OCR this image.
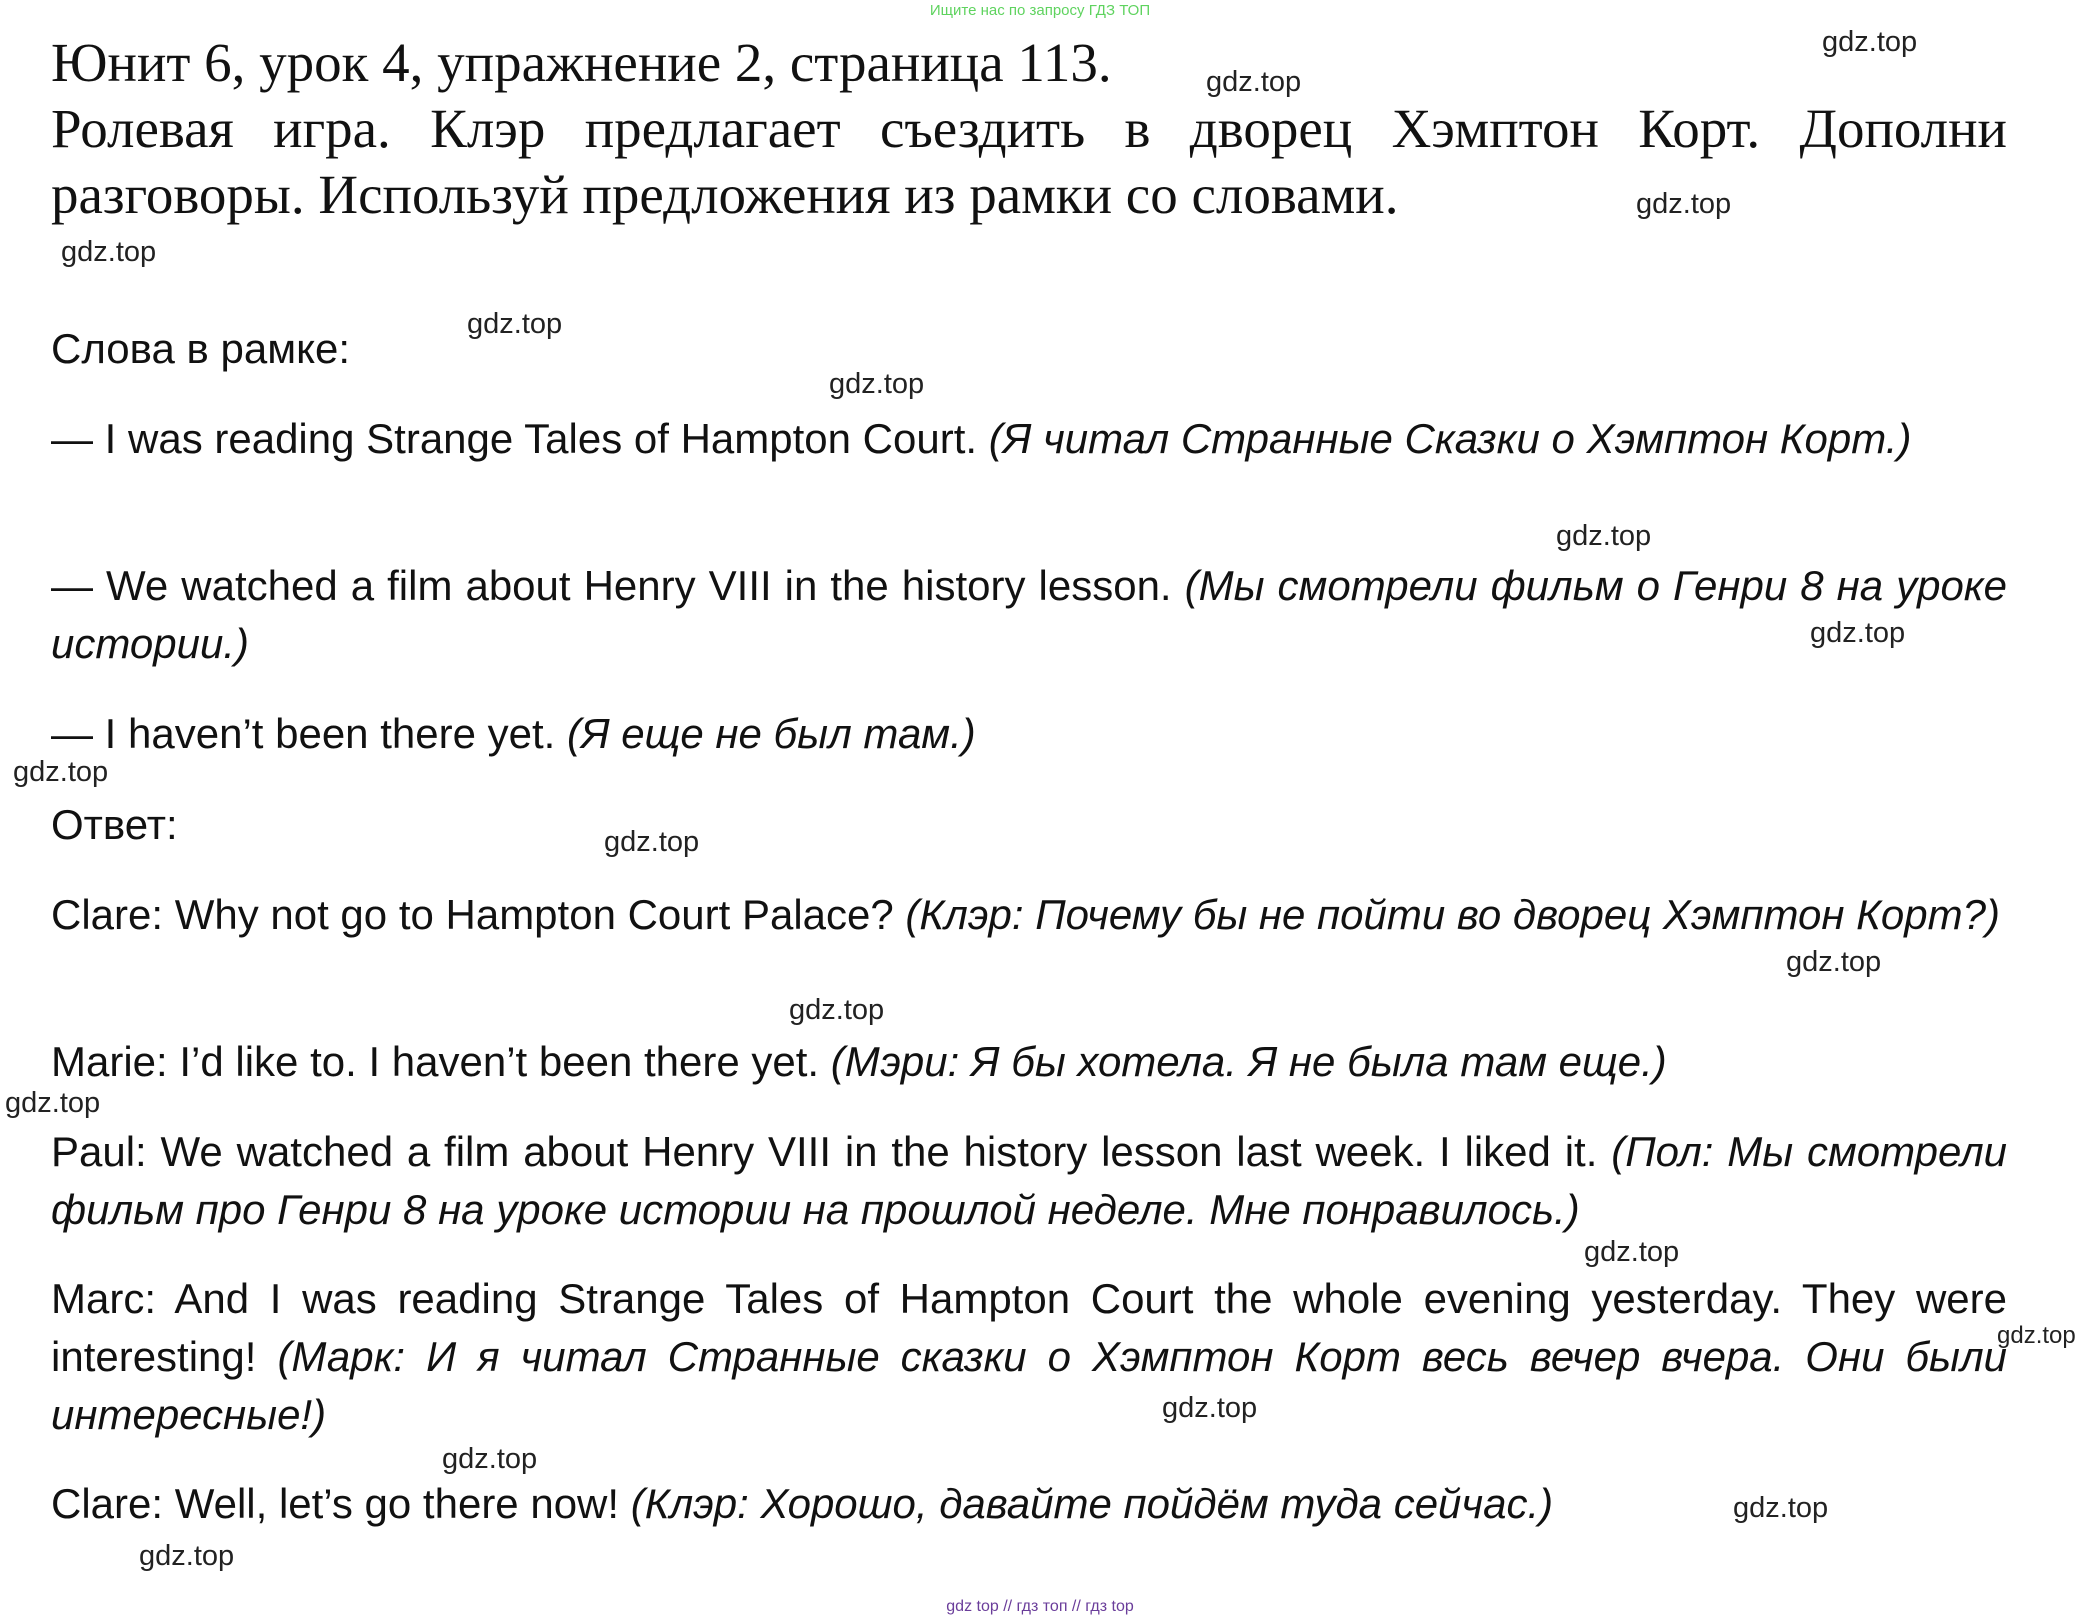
Ищите нас по запросу ГДЗ ТОП
Юнит 6, урок 4, упражнение 2, страница 113.

Ролевая игра. Клэр предлагает съездить в дворец Хэмптон Корт. Дополни разговоры. Используй предложения из рамки со словами.

Слова в рамке:

— I was reading Strange Tales of Hampton Court. (Я читал Странные Сказки о Хэмптон Корт.)

— We watched a film about Henry VIII in the history lesson. (Мы смотрели фильм о Генри 8 на уроке истории.)

— I haven’t been there yet. (Я еще не был там.)

Ответ:

Clare: Why not go to Hampton Court Palace? (Клэр: Почему бы не пойти во дворец Хэмптон Корт?)

Marie: I’d like to. I haven’t been there yet. (Мэри: Я бы хотела. Я не была там еще.)

Paul: We watched a film about Henry VIII in the history lesson last week. I liked it. (Пол: Мы смотрели фильм про Генри 8 на уроке истории на прошлой неделе. Мне понравилось.)

Marc: And I was reading Strange Tales of Hampton Court the whole evening yesterday. They were interesting! (Марк: И я читал Странные сказки о Хэмптон Корт весь вечер вчера. Они были интересные!)

Clare: Well, let’s go there now! (Клэр: Хорошо, давайте пойдём туда сейчас.)

gdz.top
gdz.top
gdz.top
gdz.top
gdz.top
gdz.top
gdz.top
gdz.top
gdz.top
gdz.top
gdz.top
gdz.top
gdz.top
gdz.top
gdz.top
gdz.top
gdz.top
gdz.top
gdz.top
gdz top // гдз топ // гдз top
